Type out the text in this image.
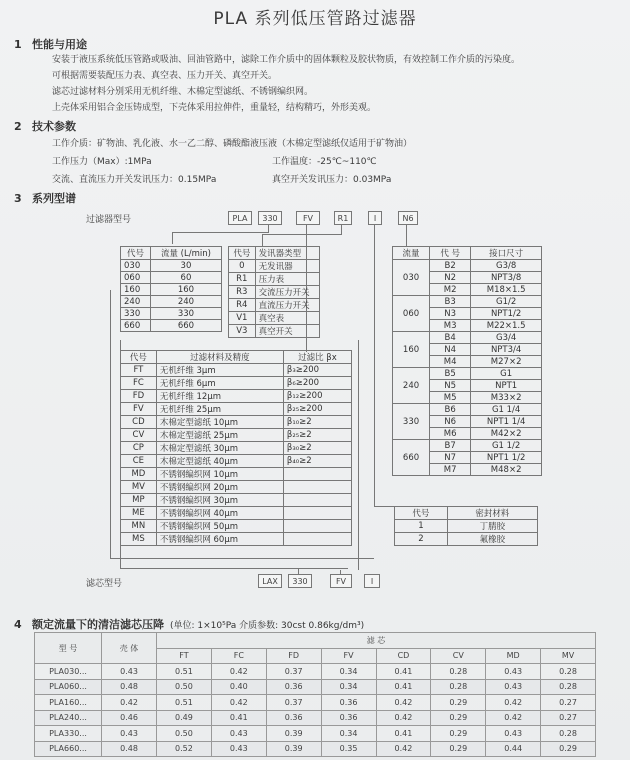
PLA 系列低压管路过滤器
1 性能与用途
安装于液压系统低压管路或吸油、回油管路中，滤除工作介质中的固体颗粒及胶状物质，有效控制工作介质的污染度。
可根据需要装配压力表、真空表、压力开关、真空开关。
滤芯过滤材料分别采用无机纤维、木棉定型滤纸、不锈钢编织网。
上壳体采用铝合金压铸成型，下壳体采用拉伸件，重量轻，结构精巧，外形美观。
2 技术参数
工作介质：矿物油、乳化液、水一乙二醇、磷酸酯液压液（木棉定型滤纸仅适用于矿物油）
工作压力（Max）:1MPa	工作温度：-25℃~110℃
交流、直流压力开关发讯压力：0.15MPa	真空开关发讯压力：0.03MPa
3 系列型谱
过滤器型号	PLA	330	FV	R1	I	N6
代号	流量 (L/min)
030	30
060	60
160	160
240	240
330	330
660	660
代号	发讯器类型
0	无发讯器
R1	压力表
R3	交流压力开关
R4	直流压力开关
V1	真空表
V3	真空开关
代号	过滤材料及精度	过滤比 βx
FT	无机纤维 3μm	β₃≥200
FC	无机纤维 6μm	β₆≥200
FD	无机纤维 12μm	β₁₂≥200
FV	无机纤维 25μm	β₂₅≥200
CD	木棉定型滤纸 10μm	β₁₀≥2
CV	木棉定型滤纸 25μm	β₂₅≥2
CP	木棉定型滤纸 30μm	β₃₀≥2
CE	木棉定型滤纸 40μm	β₄₀≥2
MD	不锈钢编织网 10μm	
MV	不锈钢编织网 20μm	
MP	不锈钢编织网 30μm	
ME	不锈钢编织网 40μm	
MN	不锈钢编织网 50μm	
MS	不锈钢编织网 60μm	
流量	代 号	接口尺寸
030	B2	G3/8
	N2	NPT3/8
	M2	M18×1.5
060	B3	G1/2
	N3	NPT1/2
	M3	M22×1.5
160	B4	G3/4
	N4	NPT3/4
	M4	M27×2
240	B5	G1
	N5	NPT1
	M5	M33×2
330	B6	G1 1/4
	N6	NPT1 1/4
	M6	M42×2
660	B7	G1 1/2
	N7	NPT1 1/2
	M7	M48×2
代号	密封材料
1	丁腈胶
2	氟橡胶
滤芯型号	LAX	330	FV	I
4 额定流量下的清洁滤芯压降 (单位: 1×10⁵Pa 介质参数: 30cst 0.86kg/dm³)
型 号	壳 体	滤 芯							
		FT	FC	FD	FV	CD	CV	MD	MV
PLA030...	0.43	0.51	0.42	0.37	0.34	0.41	0.28	0.43	0.28
PLA060...	0.48	0.50	0.40	0.36	0.34	0.41	0.28	0.43	0.28
PLA160...	0.42	0.51	0.42	0.37	0.36	0.42	0.29	0.42	0.27
PLA240...	0.46	0.49	0.41	0.36	0.36	0.42	0.29	0.42	0.27
PLA330...	0.43	0.50	0.43	0.39	0.34	0.41	0.29	0.43	0.28
PLA660...	0.48	0.52	0.43	0.39	0.35	0.42	0.29	0.44	0.29
